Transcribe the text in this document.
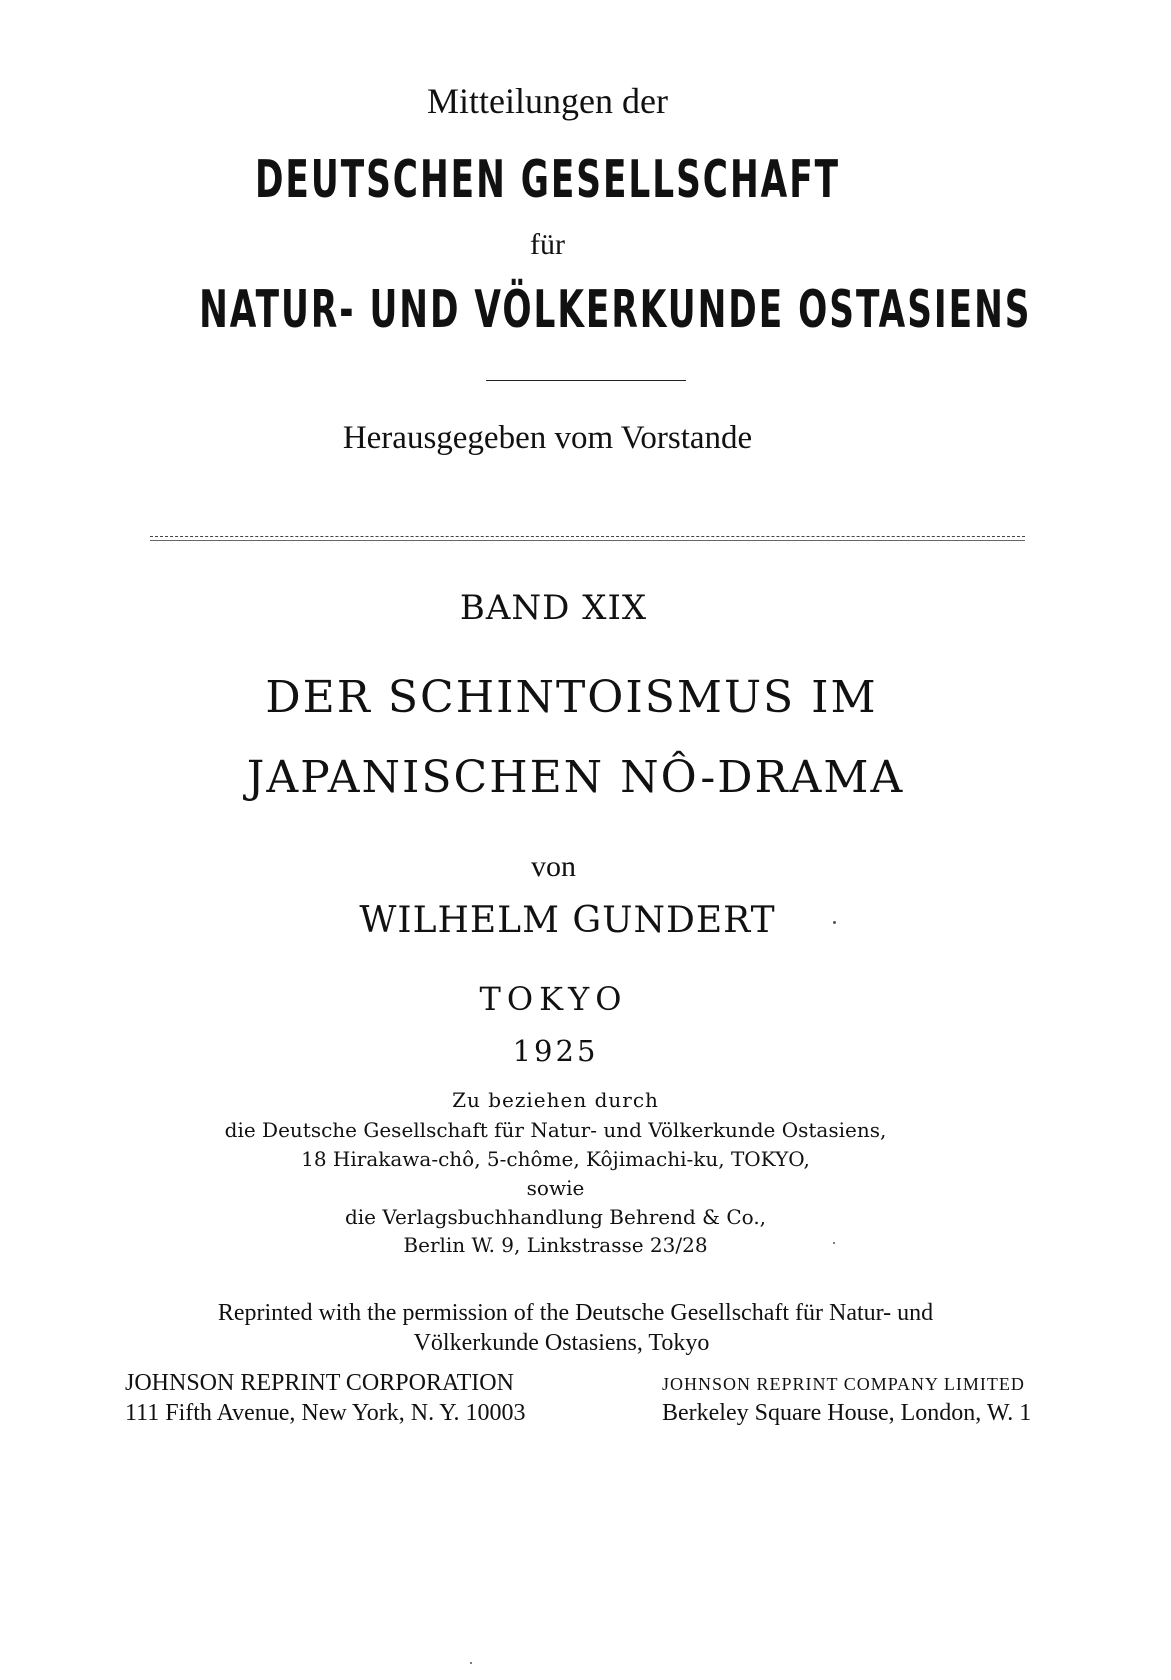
Mitteilungen der
DEUTSCHEN GESELLSCHAFT
für
NATUR- UND VÖLKERKUNDE OSTASIENS
Herausgegeben vom Vorstande
BAND XIX
DER SCHINTOISMUS IM
JAPANISCHEN NÔ-DRAMA
von
WILHELM GUNDERT
TOKYO
1925
Zu beziehen durch
die Deutsche Gesellschaft für Natur- und Völkerkunde Ostasiens,
18 Hirakawa-chô, 5-chôme, Kôjimachi-ku, TOKYO,
sowie
die Verlagsbuchhandlung Behrend & Co.,
Berlin W. 9, Linkstrasse 23/28
Reprinted with the permission of the Deutsche Gesellschaft für Natur- und
Völkerkunde Ostasiens, Tokyo
JOHNSON REPRINT CORPORATION
111 Fifth Avenue, New York, N. Y. 10003
JOHNSON REPRINT COMPANY LIMITED
Berkeley Square House, London, W. 1
